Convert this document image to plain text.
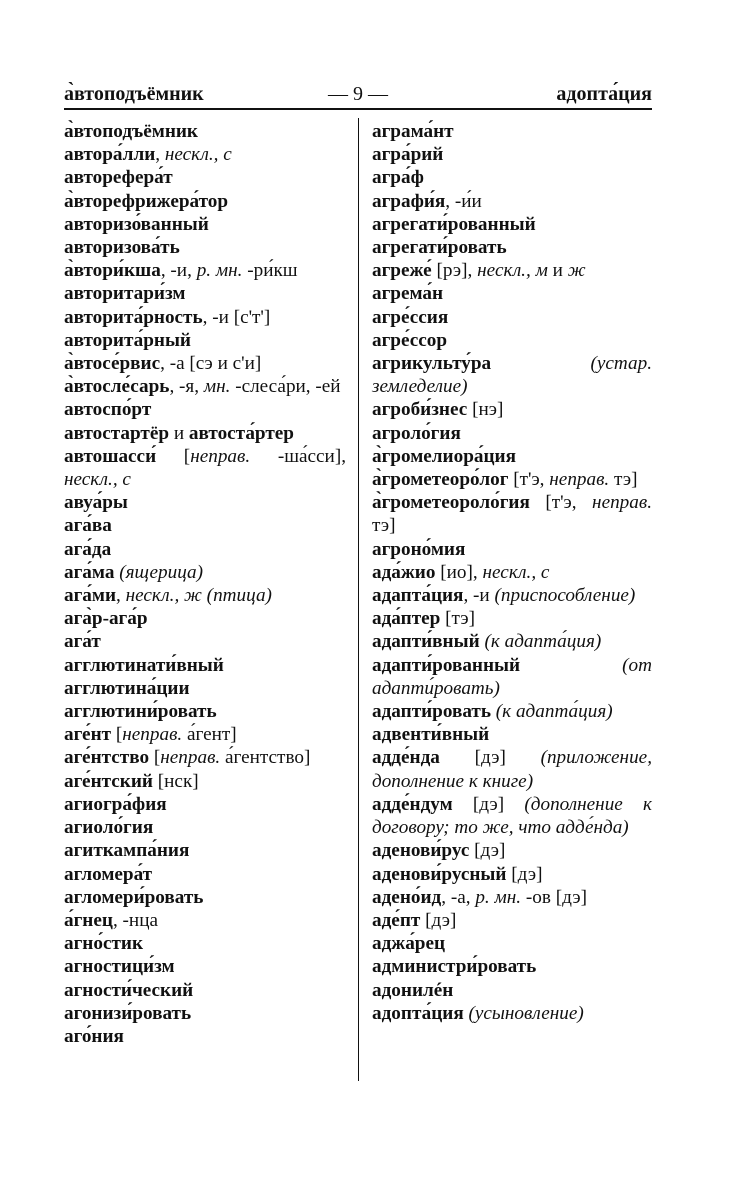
а̀втоподъёмник	— 9 —	адопта́ция
а̀втоподъёмник
автора́лли, нескл., с
авторефера́т
а̀вторефрижера́тор
авторизо́ванный
авторизова́ть
а̀втори́кша, -и, р. мн. -ри́кш
авторитари́зм
авторита́рность, -и [с'т']
авторита́рный
а̀втосе́рвис, -а [сэ и с'и]
а̀втосле́сарь, -я, мн. -слеса́ри, -ей
автоспо́рт
автостартёр и автоста́ртер
автошасси́ [неправ. -ша́сси], нескл., с
авуа́ры
ага́ва
ага́да
ага́ма (ящерица)
ага́ми, нескл., ж (птица)
ага̀р-ага́р
ага́т
агглютинати́вный
агглютина́ции
агглютини́ровать
аге́нт [неправ. а́гент]
аге́нтство [неправ. а́гентство]
аге́нтский [нск]
агиогра́фия
агиоло́гия
агиткампа́ния
агломера́т
агломери́ровать
а́гнец, -нца
агно́стик
агностици́зм
агности́ческий
агонизи́ровать
аго́ния
аграма́нт
агра́рий
агра́ф
аграфи́я, -и́и
агрегати́рованный
агрегати́ровать
агреже́ [рэ], нескл., м и ж
агрема́н
агре́ссия
агре́ссор
агрикульту́ра (устар. земледелие)
агроби́знес [нэ]
агроло́гия
а̀громелиора́ция
а̀грометеоро́лог [т'э, неправ. тэ]
а̀грометеороло́гия [т'э, неправ. тэ]
агроно́мия
ада́жио [ио], нескл., с
адапта́ция, -и (приспособление)
ада́птер [тэ]
адапти́вный (к адапта́ция)
адапти́рованный (от адапти́ровать)
адапти́ровать (к адапта́ция)
адвенти́вный
адде́нда [дэ] (приложение, дополнение к книге)
адде́ндум [дэ] (дополнение к договору; то же, что адде́нда)
аденови́рус [дэ]
аденови́русный [дэ]
адено́ид, -а, р. мн. -ов [дэ]
аде́пт [дэ]
аджа́рец
администри́ровать
адонилéн
адопта́ция (усыновление)
